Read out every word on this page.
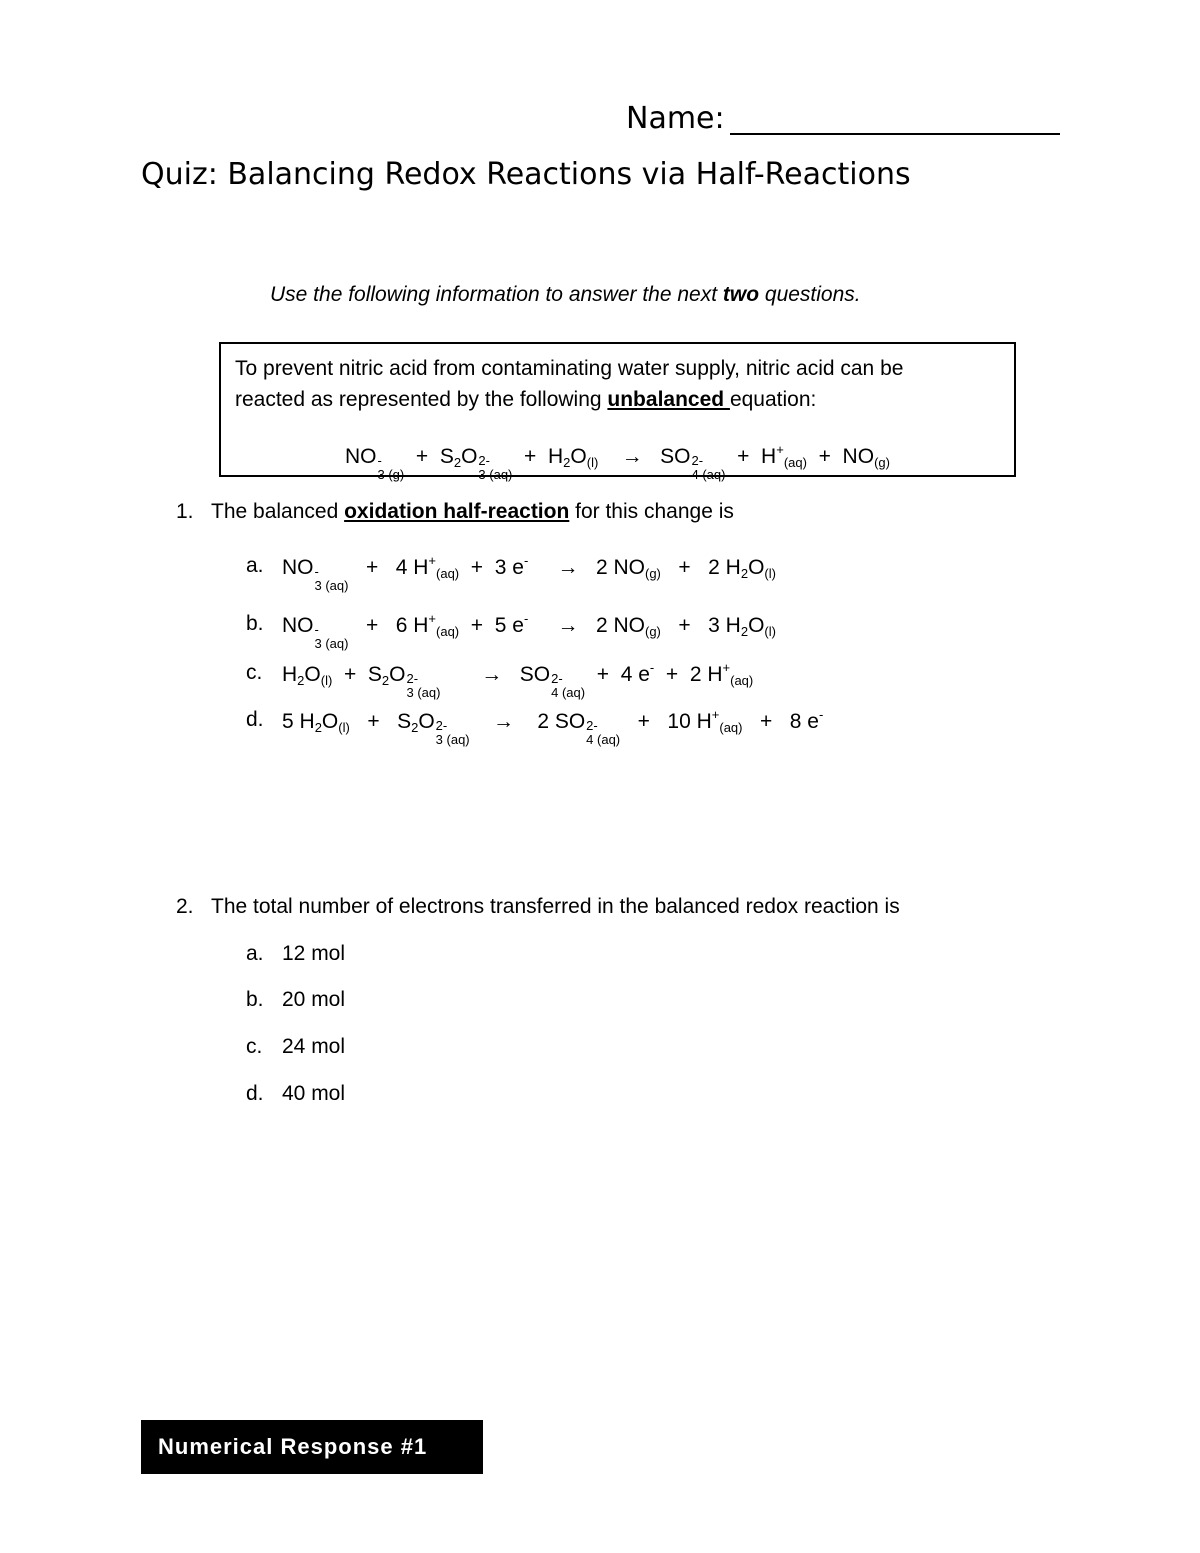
Name:
Quiz: Balancing Redox Reactions via Half-Reactions
Use the following information to answer the next two questions.
To prevent nitric acid from contaminating water supply, nitric acid can be
reacted as represented by the following unbalanced equation:
NO -
3 (g)
+  $S_2O$ 2-
3 (aq)
+  $H_2O_{(l)}$    →   SO 2-
4 (aq)
+  $H^+_{(aq)} + NO_{(g)}$
1. The balanced oxidation half-reaction for this change is
a. NO -
3 (aq)
+   4 $H^+_{(aq)} + 3$ e-     →   2 $NO_{(g)} + 2$ $H_2O_{(l)}$
b. NO -
3 (aq)
+   6 $H^+_{(aq)} + 5$ e-     →   2 $NO_{(g)} + 3$ $H_2O_{(l)}$
c. $H_2O_{(l)} + S_2O$ 2-
3 (aq)
→   SO 2-
4 (aq)
+  4 e-  +  2 $H^+_{(aq)}$
d. 5 $H_2O_{(l)} + S_2O$ 2-
3 (aq)
→    2 SO 2-
4 (aq)
+   10 $H^+_{(aq)} + 8$ e-
2. The total number of electrons transferred in the balanced redox reaction is
a. 12 mol
b. 20 mol
c. 24 mol
d. 40 mol
Numerical Response #1
